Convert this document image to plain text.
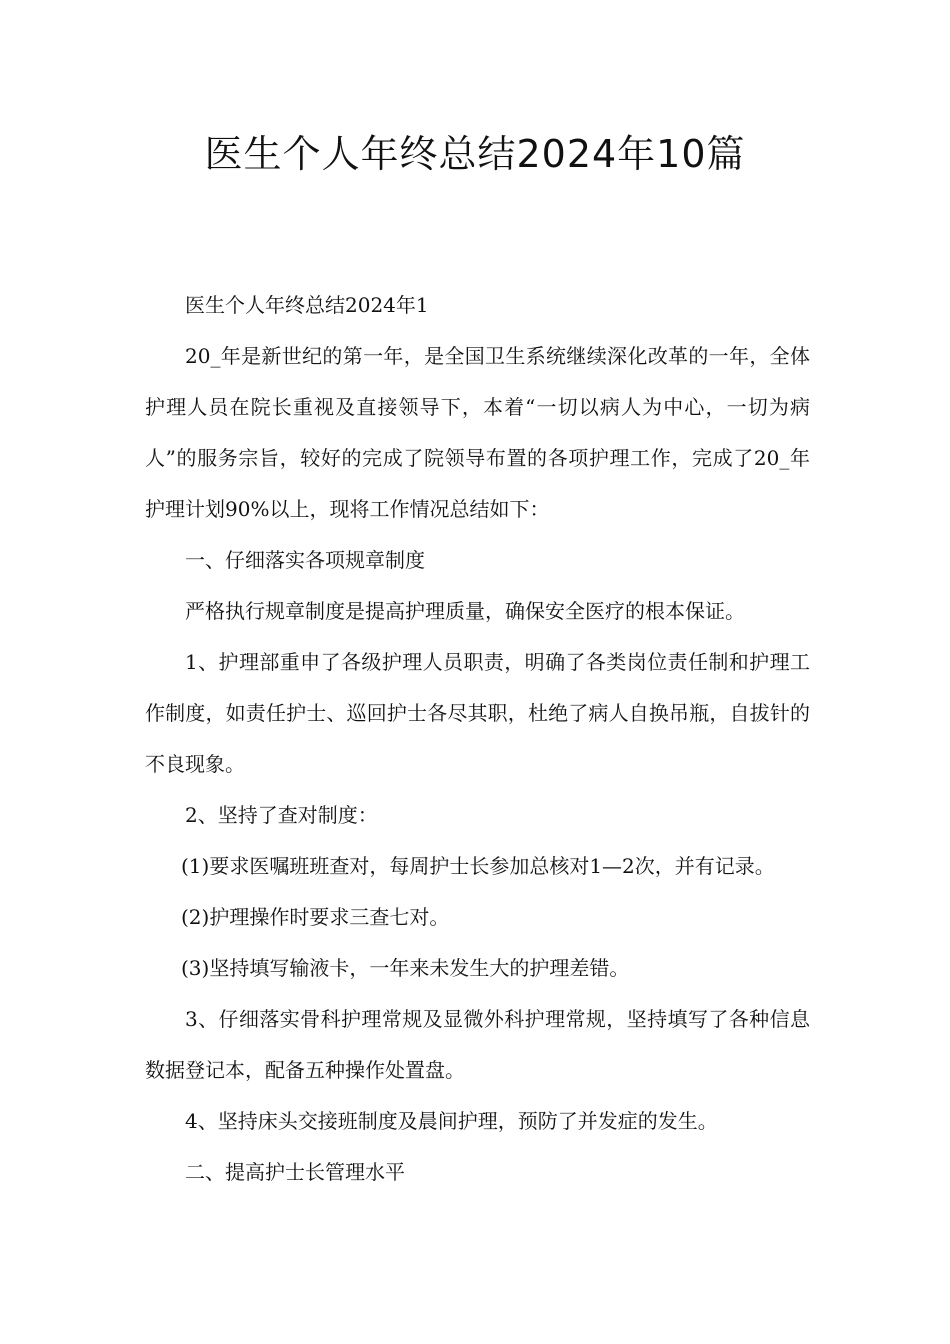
医生个人年终总结2024年10篇

医生个人年终总结2024年1

20_年是新世纪的第一年，是全国卫生系统继续深化改革的一年，全体护理人员在院长重视及直接领导下，本着“一切以病人为中心，一切为病人”的服务宗旨，较好的完成了院领导布置的各项护理工作，完成了20_年护理计划90%以上，现将工作情况总结如下：

一、仔细落实各项规章制度

严格执行规章制度是提高护理质量，确保安全医疗的根本保证。

1、护理部重申了各级护理人员职责，明确了各类岗位责任制和护理工作制度，如责任护士、巡回护士各尽其职，杜绝了病人自换吊瓶，自拔针的不良现象。

2、坚持了查对制度：

(1)要求医嘱班班查对，每周护士长参加总核对1—2次，并有记录。

(2)护理操作时要求三查七对。

(3)坚持填写输液卡，一年来未发生大的护理差错。

3、仔细落实骨科护理常规及显微外科护理常规，坚持填写了各种信息数据登记本，配备五种操作处置盘。

4、坚持床头交接班制度及晨间护理，预防了并发症的发生。

二、提高护士长管理水平
